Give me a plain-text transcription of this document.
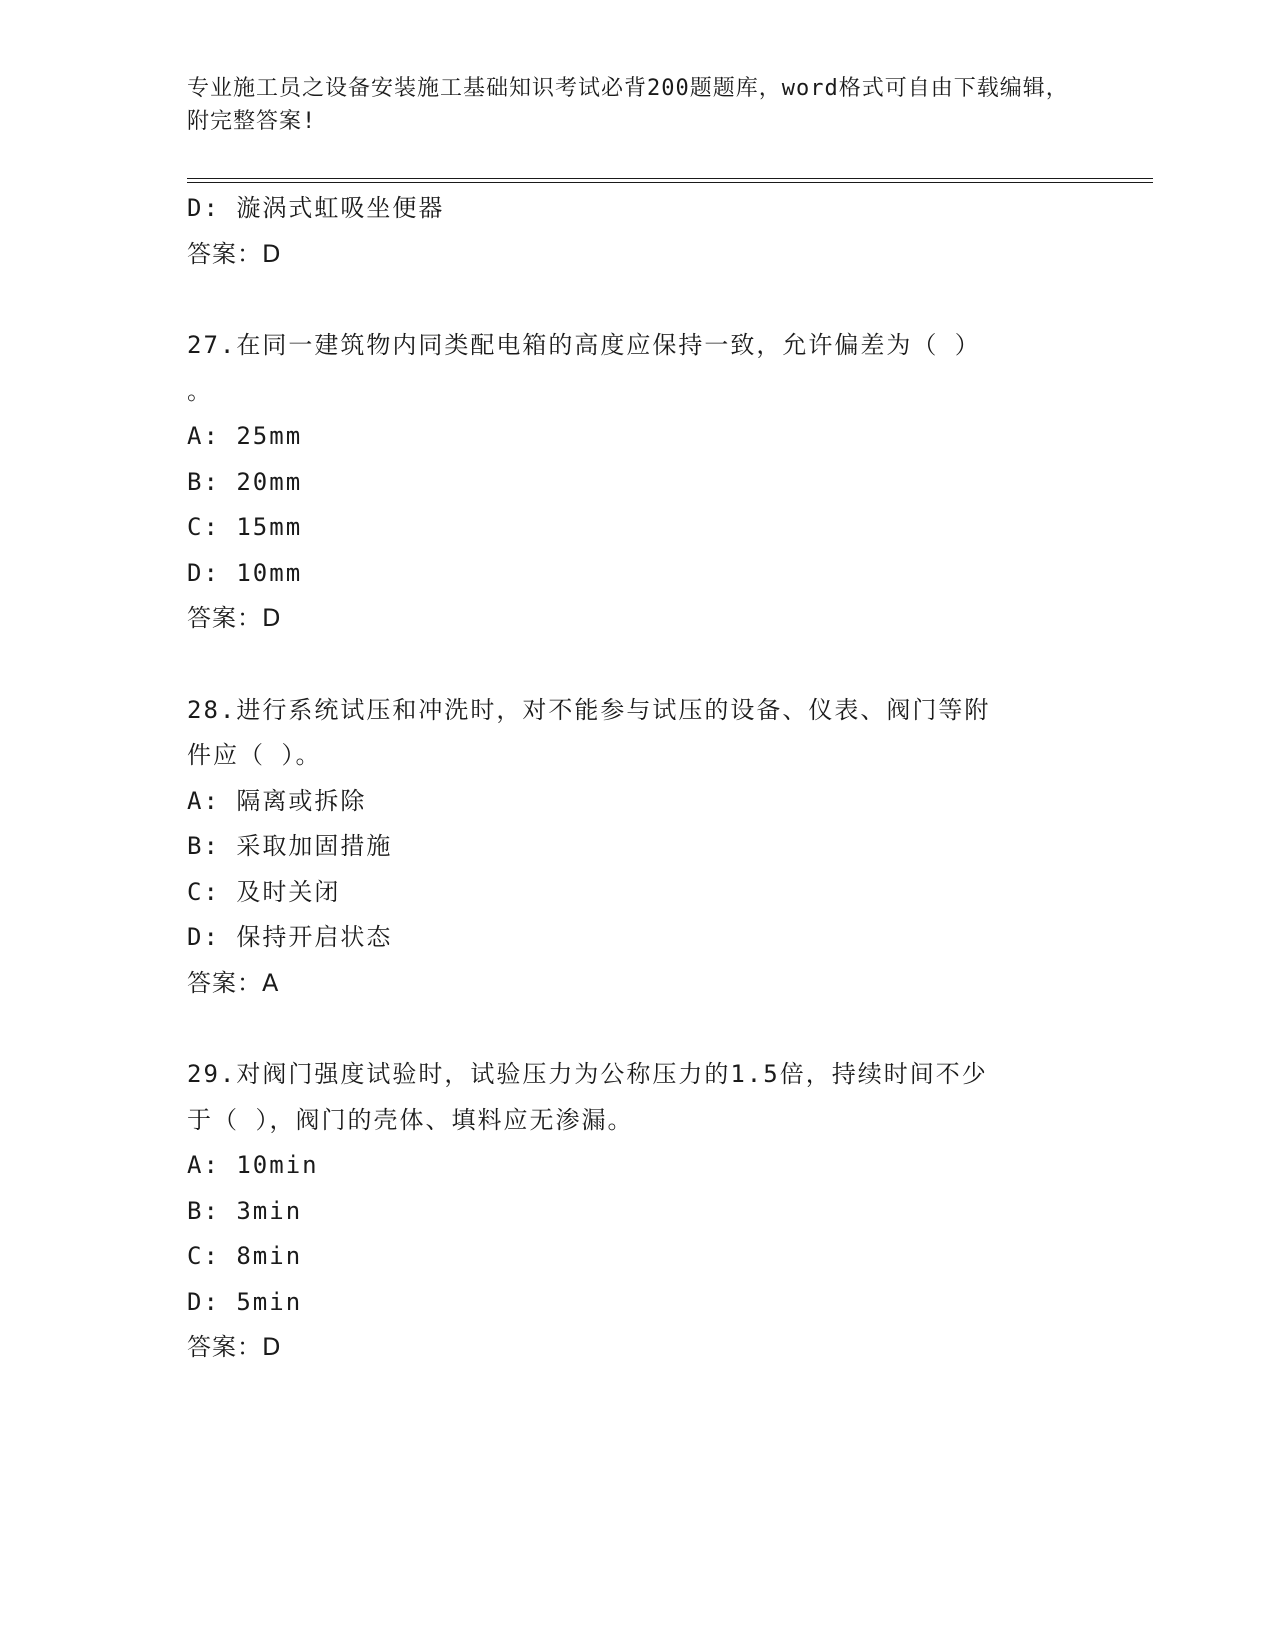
专业施工员之设备安装施工基础知识考试必背200题题库，word格式可自由下载编辑，附完整答案!
D: 漩涡式虹吸坐便器
答案：D
27.在同一建筑物内同类配电箱的高度应保持一致，允许偏差为（ ）
。
A: 25mm
B: 20mm
C: 15mm
D: 10mm
答案：D
28.进行系统试压和冲洗时，对不能参与试压的设备、仪表、阀门等附
件应（ ）。
A: 隔离或拆除
B: 采取加固措施
C: 及时关闭
D: 保持开启状态
答案：A
29.对阀门强度试验时，试验压力为公称压力的1.5倍，持续时间不少
于（ ），阀门的壳体、填料应无渗漏。
A: 10min
B: 3min
C: 8min
D: 5min
答案：D
